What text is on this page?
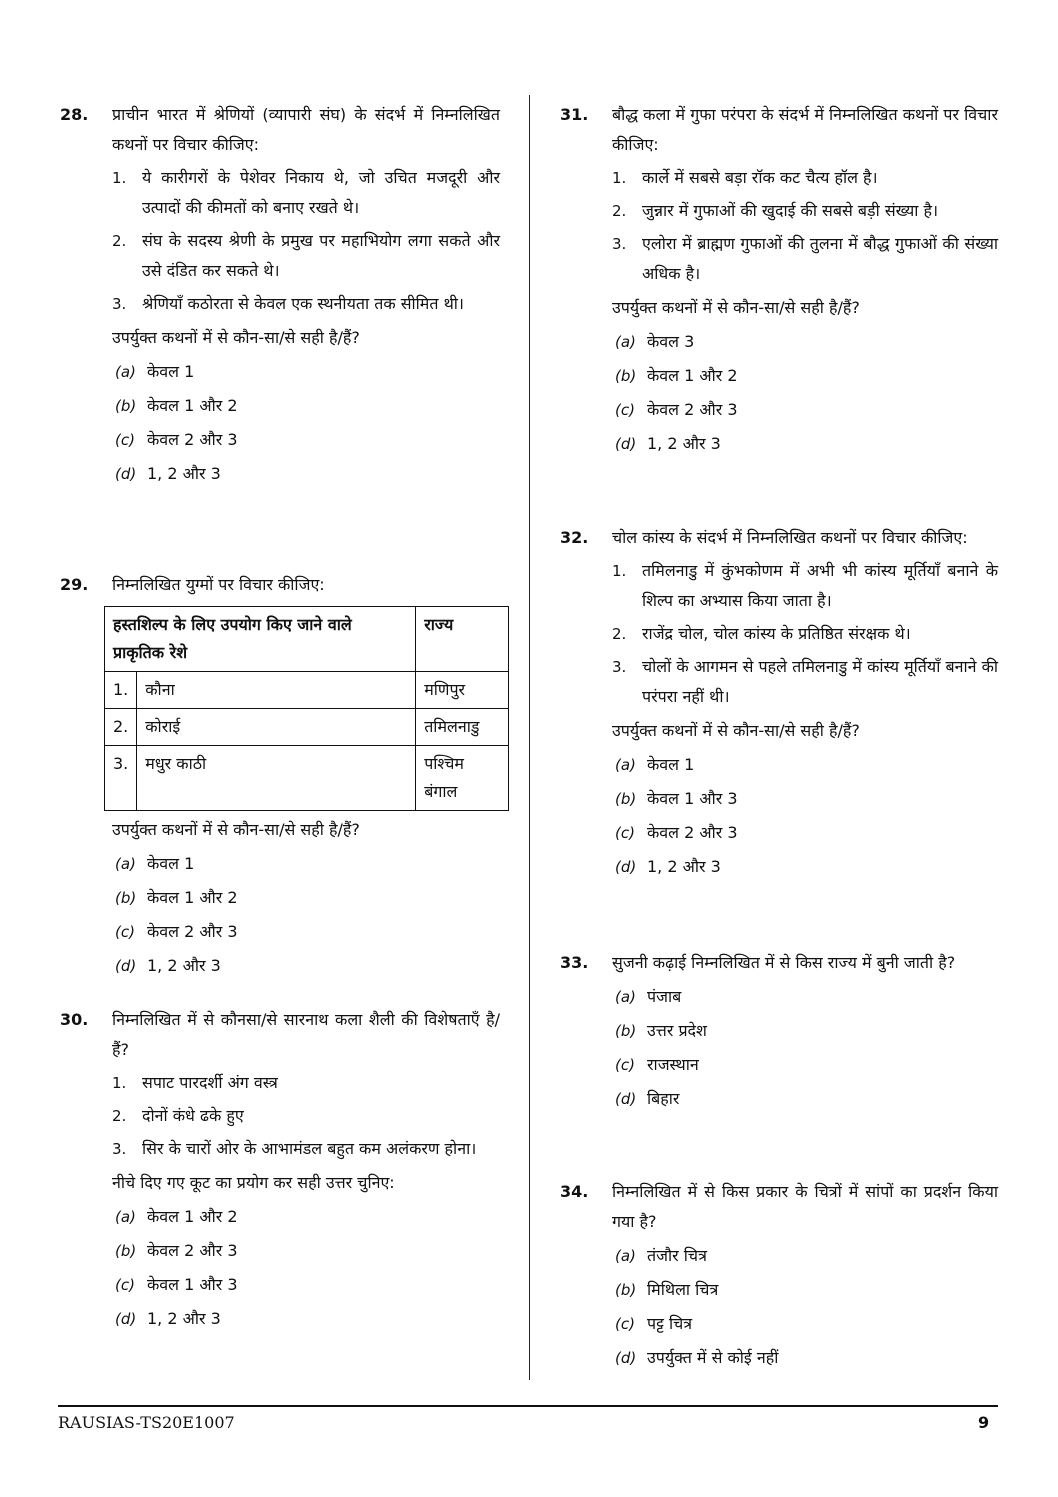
28. प्राचीन भारत में श्रेणियों (व्यापारी संघ) के संदर्भ में निम्नलिखित कथनों पर विचार कीजिए:
1. ये कारीगरों के पेशेवर निकाय थे, जो उचित मजदूरी और उत्पादों की कीमतों को बनाए रखते थे।
2. संघ के सदस्य श्रेणी के प्रमुख पर महाभियोग लगा सकते और उसे दंडित कर सकते थे।
3. श्रेणियाँ कठोरता से केवल एक स्थनीयता तक सीमित थी।
उपर्युक्त कथनों में से कौन-सा/से सही है/हैं?
(a) केवल 1
(b) केवल 1 और 2
(c) केवल 2 और 3
(d) 1, 2 और 3
29. निम्नलिखित युग्मों पर विचार कीजिए:
हस्तशिल्प के लिए उपयोग किए जाने वाले प्राकृतिक रेशे		राज्य
1.	कौना	मणिपुर
2.	कोराई	तमिलनाडु
3.	मधुर काठी	पश्चिम बंगाल
उपर्युक्त कथनों में से कौन-सा/से सही है/हैं?
(a) केवल 1
(b) केवल 1 और 2
(c) केवल 2 और 3
(d) 1, 2 और 3
30. निम्नलिखित में से कौनसा/से सारनाथ कला शैली की विशेषताएँ है/हैं?
1. सपाट पारदर्शी अंग वस्त्र
2. दोनों कंधे ढके हुए
3. सिर के चारों ओर के आभामंडल बहुत कम अलंकरण होना।
नीचे दिए गए कूट का प्रयोग कर सही उत्तर चुनिए:
(a) केवल 1 और 2
(b) केवल 2 और 3
(c) केवल 1 और 3
(d) 1, 2 और 3
31. बौद्ध कला में गुफा परंपरा के संदर्भ में निम्नलिखित कथनों पर विचार कीजिए:
1. कार्ले में सबसे बड़ा रॉक कट चैत्य हॉल है।
2. जुन्नार में गुफाओं की खुदाई की सबसे बड़ी संख्या है।
3. एलोरा में ब्राह्मण गुफाओं की तुलना में बौद्ध गुफाओं की संख्या अधिक है।
उपर्युक्त कथनों में से कौन-सा/से सही है/हैं?
(a) केवल 3
(b) केवल 1 और 2
(c) केवल 2 और 3
(d) 1, 2 और 3
32. चोल कांस्य के संदर्भ में निम्नलिखित कथनों पर विचार कीजिए:
1. तमिलनाडु में कुंभकोणम में अभी भी कांस्य मूर्तियाँ बनाने के शिल्प का अभ्यास किया जाता है।
2. राजेंद्र चोल, चोल कांस्य के प्रतिष्ठित संरक्षक थे।
3. चोलों के आगमन से पहले तमिलनाडु में कांस्य मूर्तियाँ बनाने की परंपरा नहीं थी।
उपर्युक्त कथनों में से कौन-सा/से सही है/हैं?
(a) केवल 1
(b) केवल 1 और 3
(c) केवल 2 और 3
(d) 1, 2 और 3
33. सुजनी कढ़ाई निम्नलिखित में से किस राज्य में बुनी जाती है?
(a) पंजाब
(b) उत्तर प्रदेश
(c) राजस्थान
(d) बिहार
34. निम्नलिखित में से किस प्रकार के चित्रों में सांपों का प्रदर्शन किया गया है?
(a) तंजौर चित्र
(b) मिथिला चित्र
(c) पट्ट चित्र
(d) उपर्युक्त में से कोई नहीं
RAUSIAS-TS20E1007	9
